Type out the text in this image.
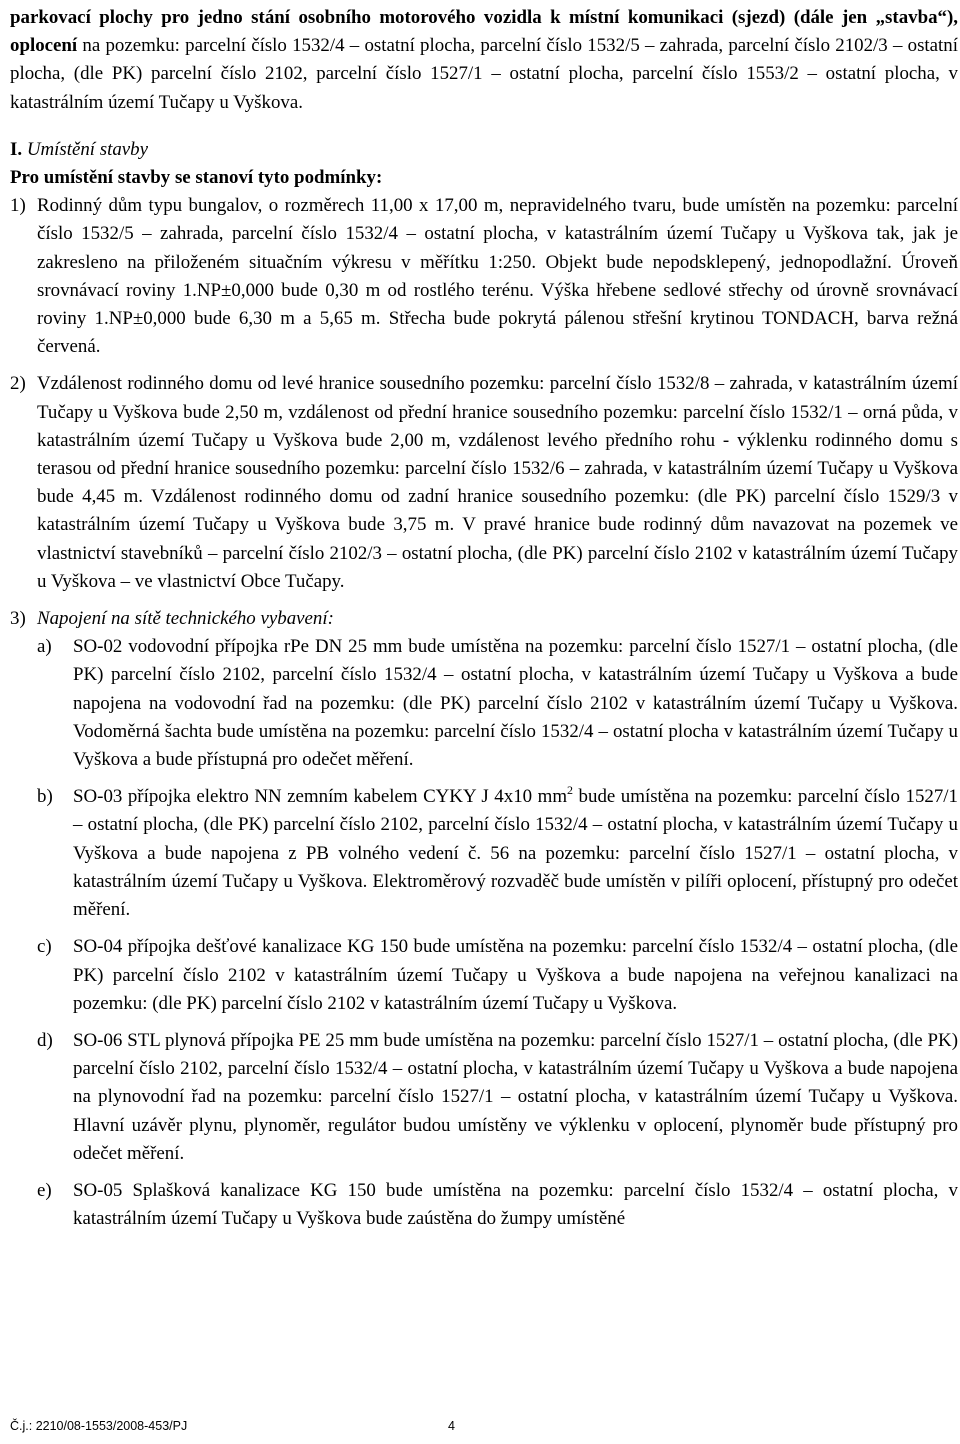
parkovací plochy pro jedno stání osobního motorového vozidla k místní komunikaci (sjezd) (dále jen „stavba“), oplocení na pozemku: parcelní číslo 1532/4 – ostatní plocha, parcelní číslo 1532/5 – zahrada, parcelní číslo 2102/3 – ostatní plocha, (dle PK) parcelní číslo 2102, parcelní číslo 1527/1 – ostatní plocha, parcelní číslo 1553/2 – ostatní plocha, v katastrálním území Tučapy u Vyškova.

I. Umístění stavby

Pro umístění stavby se stanoví tyto podmínky:

1) Rodinný dům typu bungalov, o rozměrech 11,00 x 17,00 m, nepravidelného tvaru, bude umístěn na pozemku: parcelní číslo 1532/5 – zahrada, parcelní číslo 1532/4 – ostatní plocha, v katastrálním území Tučapy u Vyškova tak, jak je zakresleno na přiloženém situačním výkresu v měřítku 1:250. Objekt bude nepodsklepený, jednopodlažní. Úroveň srovnávací roviny 1.NP±0,000 bude 0,30 m od rostlého terénu. Výška hřebene sedlové střechy od úrovně srovnávací roviny 1.NP±0,000 bude 6,30 m a 5,65 m. Střecha bude pokrytá pálenou střešní krytinou TONDACH, barva režná červená.

2) Vzdálenost rodinného domu od levé hranice sousedního pozemku: parcelní číslo 1532/8 – zahrada, v katastrálním území Tučapy u Vyškova bude 2,50 m, vzdálenost od přední hranice sousedního pozemku: parcelní číslo 1532/1 – orná půda, v katastrálním území Tučapy u Vyškova bude 2,00 m, vzdálenost levého předního rohu - výklenku rodinného domu s terasou od přední hranice sousedního pozemku: parcelní číslo 1532/6 – zahrada, v katastrálním území Tučapy u Vyškova bude 4,45 m. Vzdálenost rodinného domu od zadní hranice sousedního pozemku: (dle PK) parcelní číslo 1529/3 v katastrálním území Tučapy u Vyškova bude 3,75 m. V pravé hranice bude rodinný dům navazovat na pozemek ve vlastnictví stavebníků – parcelní číslo 2102/3 – ostatní plocha, (dle PK) parcelní číslo 2102 v katastrálním území Tučapy u Vyškova – ve vlastnictví Obce Tučapy.

3) Napojení na sítě technického vybavení:

a)	SO-02 vodovodní přípojka rPe DN 25 mm bude umístěna na pozemku: parcelní číslo 1527/1 – ostatní plocha, (dle PK) parcelní číslo 2102, parcelní číslo 1532/4 – ostatní plocha, v katastrálním území Tučapy u Vyškova a bude napojena na vodovodní řad na pozemku: (dle PK) parcelní číslo 2102 v katastrálním území Tučapy u Vyškova. Vodoměrná šachta bude umístěna na pozemku: parcelní číslo 1532/4 – ostatní plocha v katastrálním území Tučapy u Vyškova a bude přístupná pro odečet měření.

b)	SO-03 přípojka elektro NN zemním kabelem CYKY J 4x10 $mm^2$ bude umístěna na pozemku: parcelní číslo 1527/1 – ostatní plocha, (dle PK) parcelní číslo 2102, parcelní číslo 1532/4 – ostatní plocha, v katastrálním území Tučapy u Vyškova a bude napojena z PB volného vedení č. 56 na pozemku: parcelní číslo 1527/1 – ostatní plocha, v katastrálním území Tučapy u Vyškova. Elektroměrový rozvaděč bude umístěn v pilíři oplocení, přístupný pro odečet měření.

c)	SO-04 přípojka dešťové kanalizace KG 150 bude umístěna na pozemku: parcelní číslo 1532/4 – ostatní plocha, (dle PK) parcelní číslo 2102 v katastrálním území Tučapy u Vyškova a bude napojena na veřejnou kanalizaci na pozemku: (dle PK) parcelní číslo 2102 v katastrálním území Tučapy u Vyškova.

d)	SO-06 STL plynová přípojka PE 25 mm bude umístěna na pozemku: parcelní číslo 1527/1 – ostatní plocha, (dle PK) parcelní číslo 2102, parcelní číslo 1532/4 – ostatní plocha, v katastrálním území Tučapy u Vyškova a bude napojena na plynovodní řad na pozemku: parcelní číslo 1527/1 – ostatní plocha, v katastrálním území Tučapy u Vyškova. Hlavní uzávěr plynu, plynoměr, regulátor budou umístěny ve výklenku v oplocení, plynoměr bude přístupný pro odečet měření.

e)	SO-05 Splašková kanalizace KG 150 bude umístěna na pozemku: parcelní číslo 1532/4 – ostatní plocha, v katastrálním území Tučapy u Vyškova bude zaústěna do žumpy umístěné

Č.j.: 2210/08-1553/2008-453/PJ	4
